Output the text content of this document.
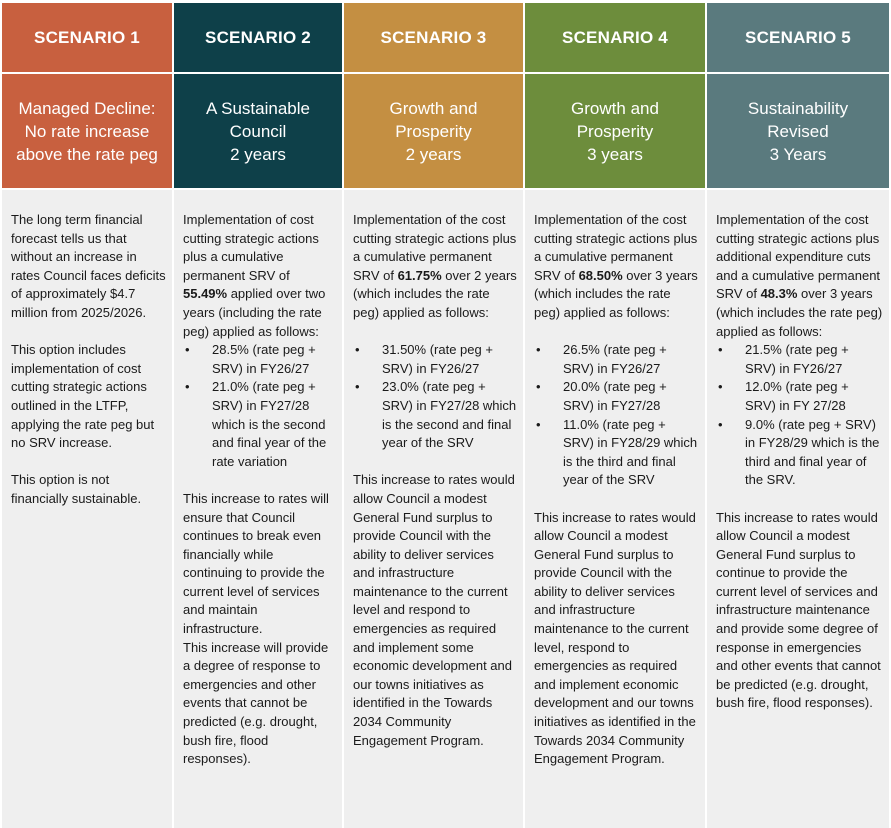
SCENARIO 1
Managed Decline:
No rate increase
above the rate peg

The long term financial forecast tells us that without an increase in rates Council faces deficits of approximately $4.7 million from 2025/2026.

This option includes implementation of cost cutting strategic actions outlined in the LTFP, applying the rate peg but no SRV increase.

This option is not financially sustainable.

SCENARIO 2
A Sustainable
Council
2 years

Implementation of cost cutting strategic actions plus a cumulative permanent SRV of 55.49% applied over two years (including the rate peg) applied as follows:

• 28.5% (rate peg + SRV) in FY26/27
• 21.0% (rate peg + SRV) in FY27/28 which is the second and final year of the rate variation

This increase to rates will ensure that Council continues to break even financially while continuing to provide the current level of services and maintain infrastructure.

This increase will provide a degree of response to emergencies and other events that cannot be predicted (e.g. drought, bush fire, flood responses).

SCENARIO 3
Growth and
Prosperity
2 years

Implementation of the cost cutting strategic actions plus a cumulative permanent SRV of 61.75% over 2 years (which includes the rate peg) applied as follows:

• 31.50% (rate peg + SRV) in FY26/27
• 23.0% (rate peg + SRV) in FY27/28 which is the second and final year of the SRV

This increase to rates would allow Council a modest General Fund surplus to provide Council with the ability to deliver services and infrastructure maintenance to the current level and respond to emergencies as required and implement some economic development and our towns initiatives as identified in the Towards 2034 Community Engagement Program.

SCENARIO 4
Growth and
Prosperity
3 years

Implementation of the cost cutting strategic actions plus a cumulative permanent SRV of 68.50% over 3 years (which includes the rate peg) applied as follows:

• 26.5% (rate peg + SRV) in FY26/27
• 20.0% (rate peg + SRV) in FY27/28
• 11.0% (rate peg + SRV) in FY28/29 which is the third and final year of the SRV

This increase to rates would allow Council a modest General Fund surplus to provide Council with the ability to deliver services and infrastructure maintenance to the current level, respond to emergencies as required and implement economic development and our towns initiatives as identified in the Towards 2034 Community Engagement Program.

SCENARIO 5
Sustainability
Revised
3 Years

Implementation of the cost cutting strategic actions plus additional expenditure cuts and a cumulative permanent SRV of 48.3% over 3 years (which includes the rate peg) applied as follows:

• 21.5% (rate peg + SRV) in FY26/27
• 12.0% (rate peg + SRV) in FY 27/28
• 9.0% (rate peg + SRV) in FY28/29 which is the third and final year of the SRV.

This increase to rates would allow Council a modest General Fund surplus to continue to provide the current level of services and infrastructure maintenance and provide some degree of response in emergencies and other events that cannot be predicted (e.g. drought, bush fire, flood responses).
